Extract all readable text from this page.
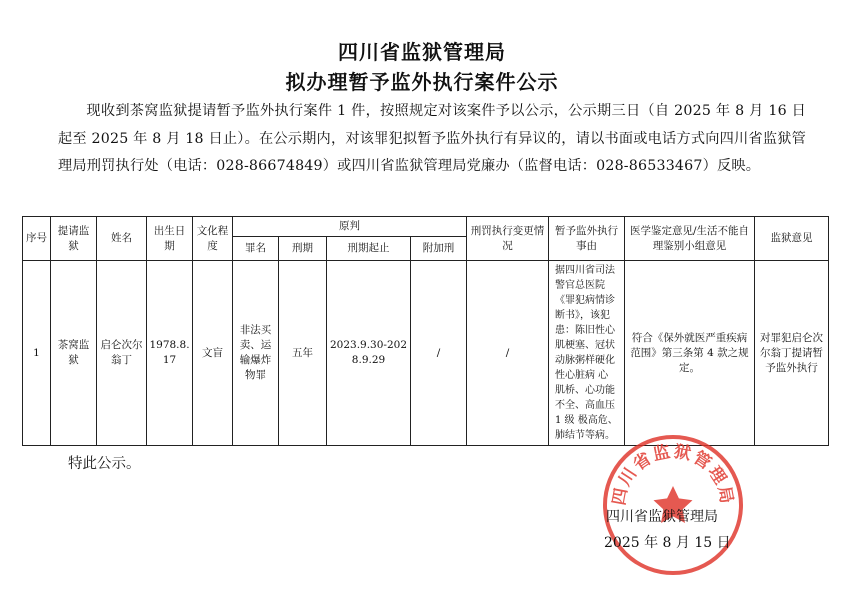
四川省监狱管理局
拟办理暂予监外执行案件公示

现收到茶窝监狱提请暂予监外执行案件 1 件，按照规定对该案件予以公示，公示期三日（自 2025 年 8 月 16 日起至 2025 年 8 月 18 日止）。在公示期内，对该罪犯拟暂予监外执行有异议的，请以书面或电话方式向四川省监狱管理局刑罚执行处（电话：028-86674849）或四川省监狱管理局党廉办（监督电话：028-86533467）反映。

序号	提请监狱	姓名	出生日期	文化程度	原判				刑罚执行变更情况	暂予监外执行事由	医学鉴定意见/生活不能自理鉴别小组意见	监狱意见
					罪名	刑期	刑期起止	附加刑				
1	茶窝监狱	启仑次尔翁丁	1978.8.17	文盲	非法买卖、运输爆炸物罪	五年	2023.9.30-2028.9.29	/	/	据四川省司法警官总医院《罪犯病情诊断书》，该犯患：陈旧性心肌梗塞、冠状动脉粥样硬化性心脏病 心肌桥、心功能不全、高血压 1 级 极高危、肺结节等病。	符合《保外就医严重疾病范围》第三条第 4 款之规定。	对罪犯启仑次尔翁丁提请暂予监外执行

特此公示。

四川省监狱管理局

四川省监狱管理局

2025 年 8 月 15 日
